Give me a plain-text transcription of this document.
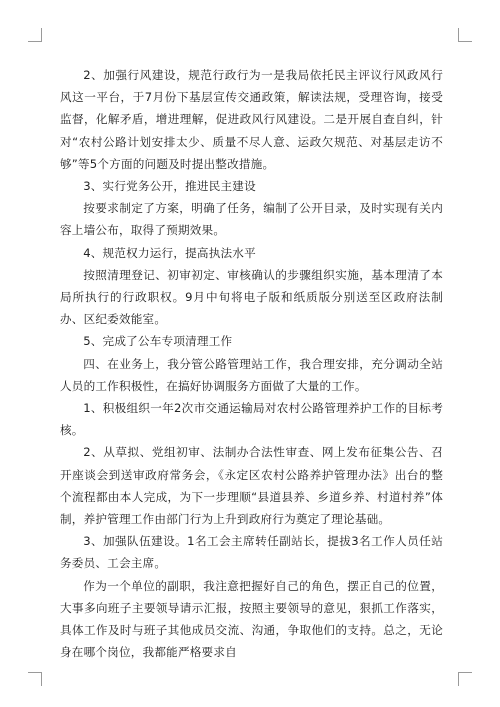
2、加强行风建设，规范行政行为一是我局依托民主评议行风政风行风这一平台，于7月份下基层宣传交通政策，解读法规，受理咨询，接受监督，化解矛盾，增进理解，促进政风行风建设。二是开展自查自纠，针对“农村公路计划安排太少、质量不尽人意、运政欠规范、对基层走访不够”等5个方面的问题及时提出整改措施。

3、实行党务公开，推进民主建设

按要求制定了方案，明确了任务，编制了公开目录，及时实现有关内容上墙公布，取得了预期效果。

4、规范权力运行，提高执法水平

按照清理登记、初审初定、审核确认的步骤组织实施，基本理清了本局所执行的行政职权。9月中旬将电子版和纸质版分别送至区政府法制办、区纪委效能室。

5、完成了公车专项清理工作

四、在业务上，我分管公路管理站工作，我合理安排，充分调动全站人员的工作积极性，在搞好协调服务方面做了大量的工作。

1、积极组织一年2次市交通运输局对农村公路管理养护工作的目标考核。

2、从草拟、党组初审、法制办合法性审查、网上发布征集公告、召开座谈会到送审政府常务会，《永定区农村公路养护管理办法》出台的整个流程都由本人完成，为下一步理顺“县道县养、乡道乡养、村道村养”体制，养护管理工作由部门行为上升到政府行为奠定了理论基础。

3、加强队伍建设。1名工会主席转任副站长，提拔3名工作人员任站务委员、工会主席。

作为一个单位的副职，我注意把握好自己的角色，摆正自己的位置，大事多向班子主要领导请示汇报，按照主要领导的意见，狠抓工作落实，具体工作及时与班子其他成员交流、沟通，争取他们的支持。总之，无论身在哪个岗位，我都能严格要求自
